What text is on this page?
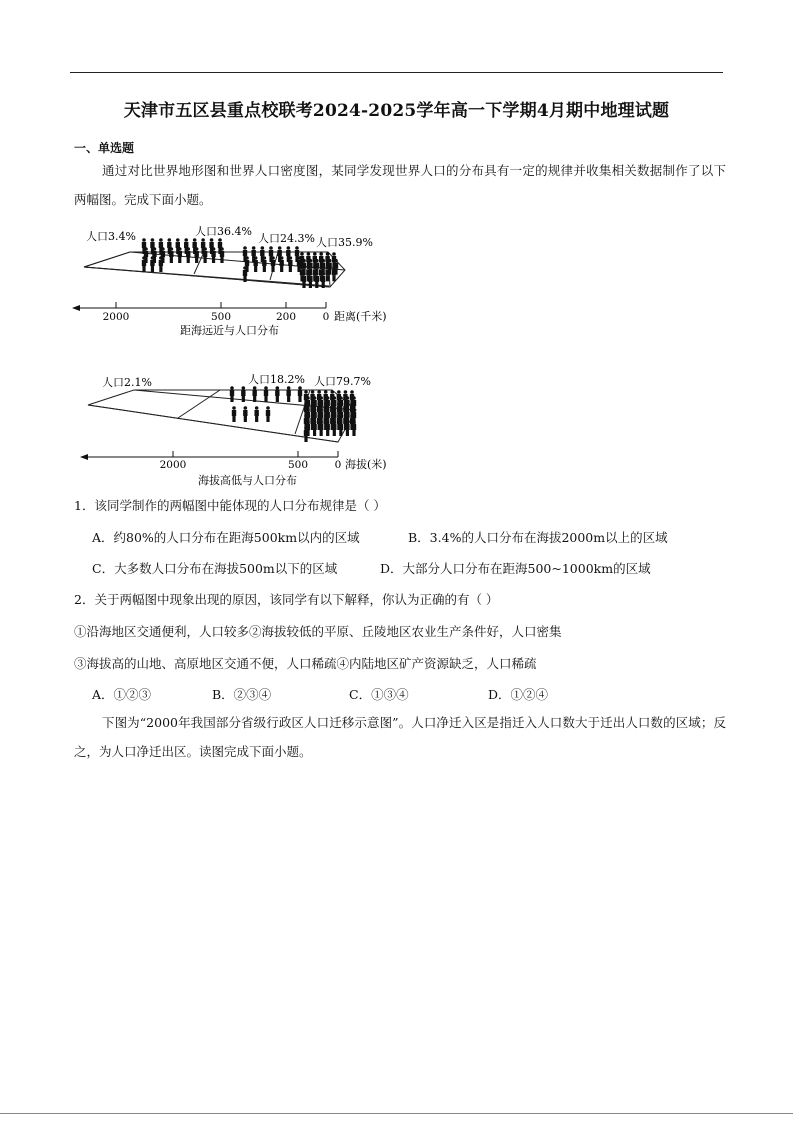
天津市五区县重点校联考2024-2025学年高一下学期4月期中地理试题
一、单选题

通过对比世界地形图和世界人口密度图，某同学发现世界人口的分布具有一定的规律并收集相关数据制作了以下两幅图。完成下面小题。

人口3.4%	人口36.4%
人口24.3% 人口35.9%
2000	500	200	0 距离(千米)
距海远近与人口分布
人口2.1%	人口18.2% 人口79.7%
2000	500	0 海拔(米)
海拔高低与人口分布
1．该同学制作的两幅图中能体现的人口分布规律是（ ）
A．约80%的人口分布在距海500km以内的区域	B．3.4%的人口分布在海拔2000m以上的区域
C．大多数人口分布在海拔500m以下的区域	D．大部分人口分布在距海500~1000km的区域
2．关于两幅图中现象出现的原因，该同学有以下解释，你认为正确的有（ ）
①沿海地区交通便利，人口较多②海拔较低的平原、丘陵地区农业生产条件好，人口密集
③海拔高的山地、高原地区交通不便，人口稀疏④内陆地区矿产资源缺乏，人口稀疏
A．①②③	B．②③④	C．①③④	D．①②④

下图为“2000年我国部分省级行政区人口迁移示意图”。人口净迁入区是指迁入人口数大于迁出人口数的区域；反之，为人口净迁出区。读图完成下面小题。
